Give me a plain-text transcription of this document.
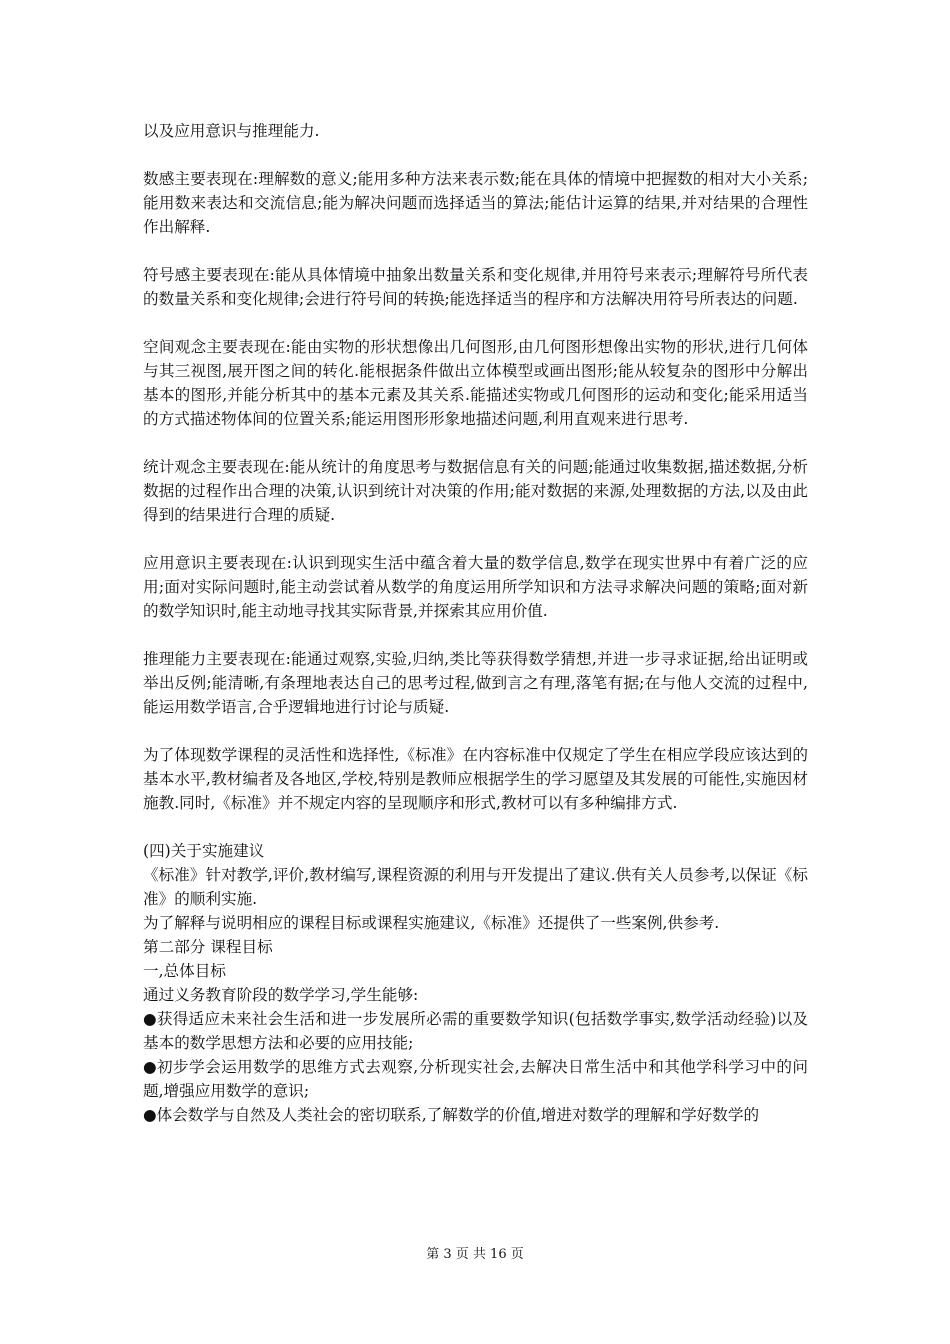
以及应用意识与推理能力.

数感主要表现在:理解数的意义;能用多种方法来表示数;能在具体的情境中把握数的相对大小关系;能用数来表达和交流信息;能为解决问题而选择适当的算法;能估计运算的结果,并对结果的合理性作出解释.

符号感主要表现在:能从具体情境中抽象出数量关系和变化规律,并用符号来表示;理解符号所代表的数量关系和变化规律;会进行符号间的转换;能选择适当的程序和方法解决用符号所表达的问题.

空间观念主要表现在:能由实物的形状想像出几何图形,由几何图形想像出实物的形状,进行几何体与其三视图,展开图之间的转化.能根据条件做出立体模型或画出图形;能从较复杂的图形中分解出基本的图形,并能分析其中的基本元素及其关系.能描述实物或几何图形的运动和变化;能采用适当的方式描述物体间的位置关系;能运用图形形象地描述问题,利用直观来进行思考.

统计观念主要表现在:能从统计的角度思考与数据信息有关的问题;能通过收集数据,描述数据,分析数据的过程作出合理的决策,认识到统计对决策的作用;能对数据的来源,处理数据的方法,以及由此得到的结果进行合理的质疑.

应用意识主要表现在:认识到现实生活中蕴含着大量的数学信息,数学在现实世界中有着广泛的应用;面对实际问题时,能主动尝试着从数学的角度运用所学知识和方法寻求解决问题的策略;面对新的数学知识时,能主动地寻找其实际背景,并探索其应用价值.

推理能力主要表现在:能通过观察,实验,归纳,类比等获得数学猜想,并进一步寻求证据,给出证明或举出反例;能清晰,有条理地表达自己的思考过程,做到言之有理,落笔有据;在与他人交流的过程中,能运用数学语言,合乎逻辑地进行讨论与质疑.

为了体现数学课程的灵活性和选择性,《标准》在内容标准中仅规定了学生在相应学段应该达到的基本水平,教材编者及各地区,学校,特别是教师应根据学生的学习愿望及其发展的可能性,实施因材施教.同时,《标准》并不规定内容的呈现顺序和形式,教材可以有多种编排方式.

(四)关于实施建议

《标准》针对教学,评价,教材编写,课程资源的利用与开发提出了建议.供有关人员参考,以保证《标准》的顺利实施.

为了解释与说明相应的课程目标或课程实施建议,《标准》还提供了一些案例,供参考.

第二部分 课程目标

一,总体目标

通过义务教育阶段的数学学习,学生能够:

●获得适应未来社会生活和进一步发展所必需的重要数学知识(包括数学事实,数学活动经验)以及基本的数学思想方法和必要的应用技能;

●初步学会运用数学的思维方式去观察,分析现实社会,去解决日常生活中和其他学科学习中的问题,增强应用数学的意识;

●体会数学与自然及人类社会的密切联系,了解数学的价值,增进对数学的理解和学好数学的

第 3 页 共 16 页
